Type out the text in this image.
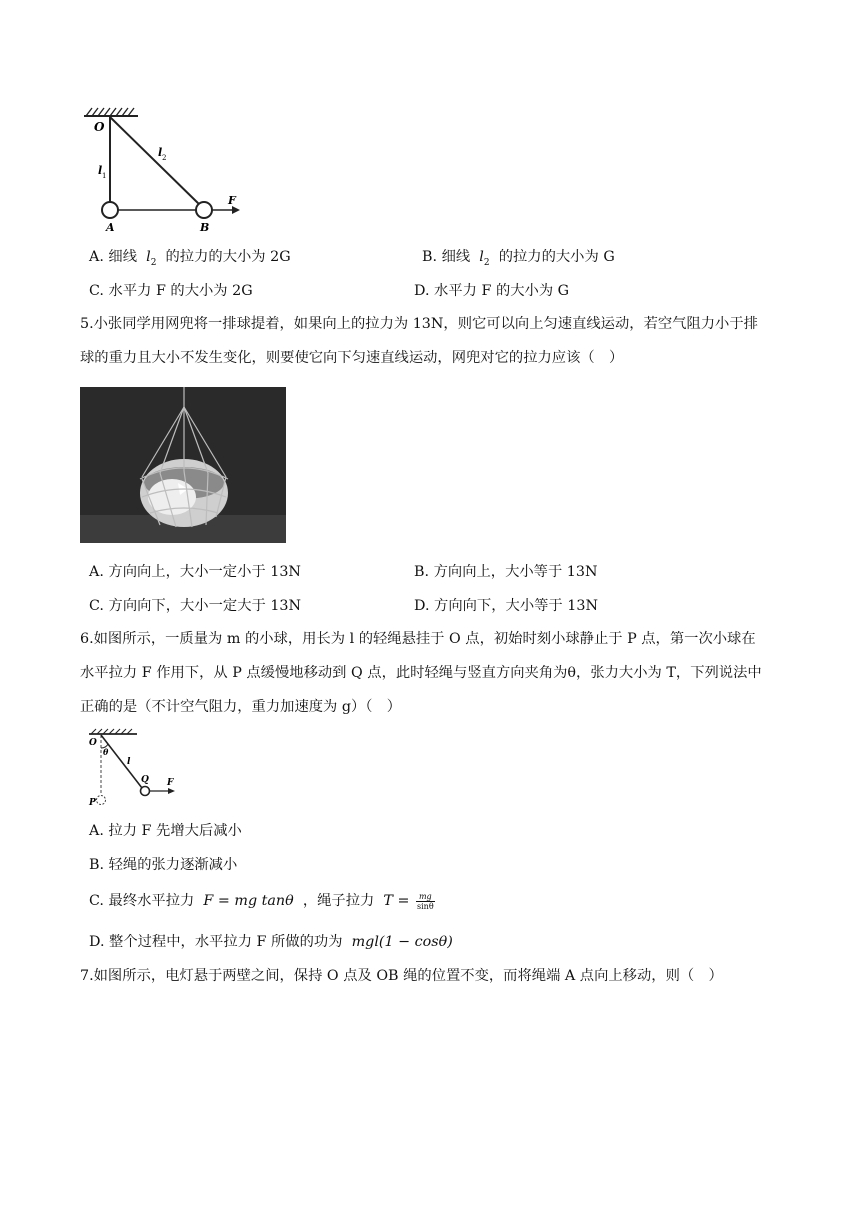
O
l 1
l 2
A	B
F
A. 细线 $l_2$ 的拉力的大小为 2G	B. 细线 $l_2$ 的拉力的大小为 G
C. 水平力 F 的大小为 2G	D. 水平力 F 的大小为 G
5.小张同学用网兜将一排球提着，如果向上的拉力为 13N，则它可以向上匀速直线运动，若空气阻力小于排
球的重力且大小不发生变化，则要使它向下匀速直线运动，网兜对它的拉力应该（　）
A. 方向向上，大小一定小于 13N	B. 方向向上，大小等于 13N
C. 方向向下，大小一定大于 13N	D. 方向向下，大小等于 13N
6.如图所示，一质量为 m 的小球，用长为 l 的轻绳悬挂于 O 点，初始时刻小球静止于 P 点，第一次小球在
水平拉力 F 作用下，从 P 点缓慢地移动到 Q 点，此时轻绳与竖直方向夹角为θ，张力大小为 T，下列说法中
正确的是（不计空气阻力，重力加速度为 g）（　）
O
θ
l
Q F
P
A. 拉力 F 先增大后减小
B. 轻绳的张力逐渐减小
C. 最终水平拉力 F = mg tanθ ，绳子拉力 $T = \frac{mg}{\sin\theta}$
D. 整个过程中，水平拉力 F 所做的功为 mgl(1 − cosθ)
7.如图所示，电灯悬于两壁之间，保持 O 点及 OB 绳的位置不变，而将绳端 A 点向上移动，则（　）
